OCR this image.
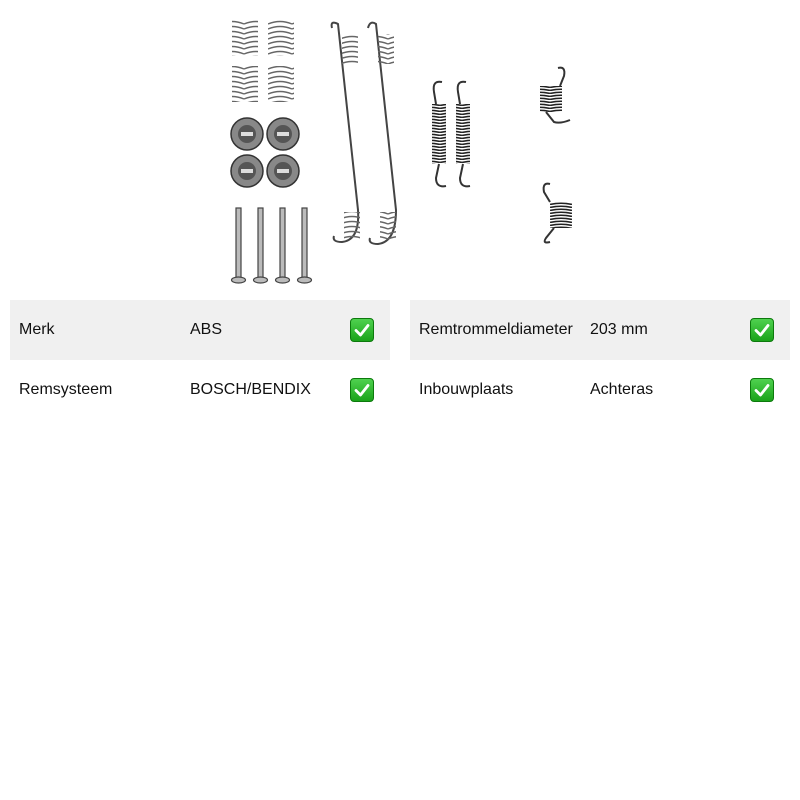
Merk	ABS
Remsysteem	BOSCH/BENDIX
Remtrommeldiameter 203 mm
Inbouwplaats	Achteras
